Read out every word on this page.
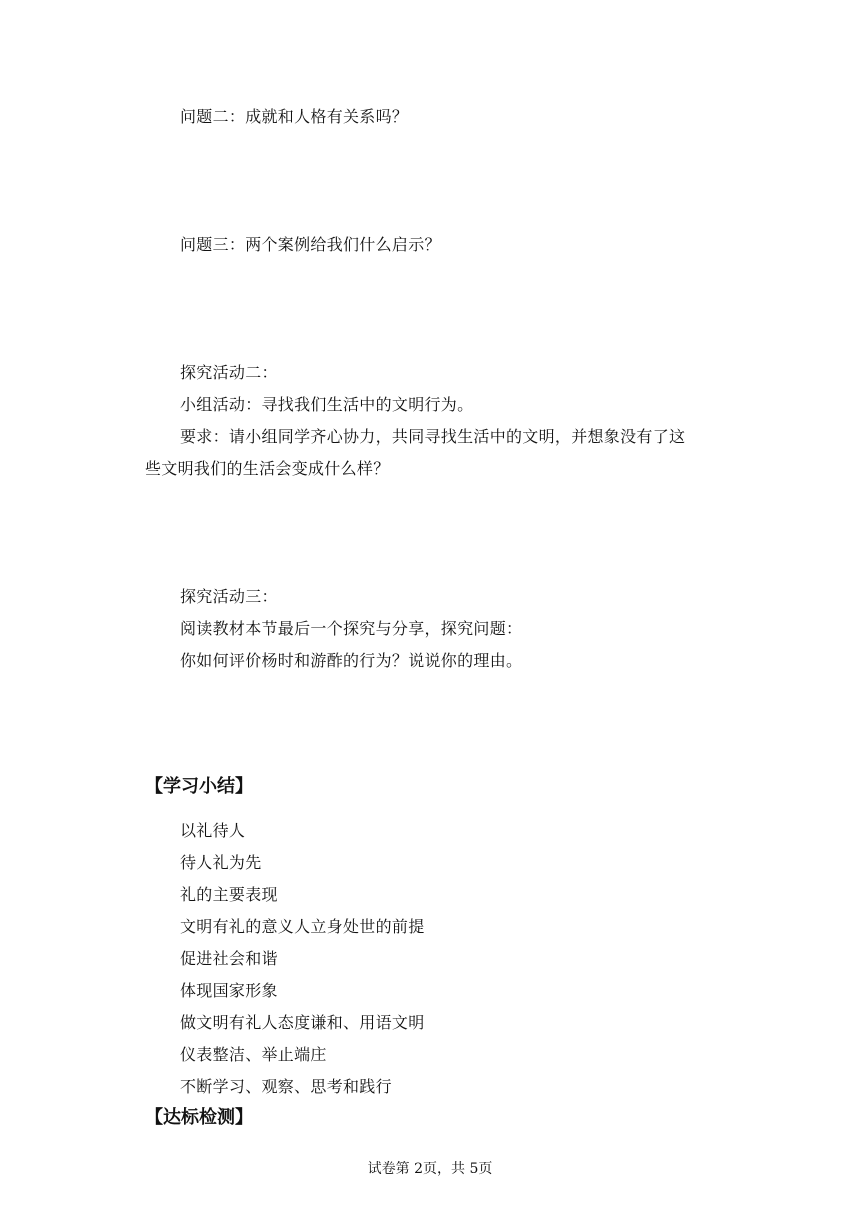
问题二：成就和人格有关系吗？
问题三：两个案例给我们什么启示？
探究活动二：
小组活动：寻找我们生活中的文明行为。
要求：请小组同学齐心协力，共同寻找生活中的文明，并想象没有了这
些文明我们的生活会变成什么样？
探究活动三：
阅读教材本节最后一个探究与分享，探究问题：
你如何评价杨时和游酢的行为？说说你的理由。
【学习小结】
以礼待人
待人礼为先
礼的主要表现
文明有礼的意义人立身处世的前提
促进社会和谐
体现国家形象
做文明有礼人态度谦和、用语文明
仪表整洁、举止端庄
不断学习、观察、思考和践行
【达标检测】
试卷第 2页，共 5页
